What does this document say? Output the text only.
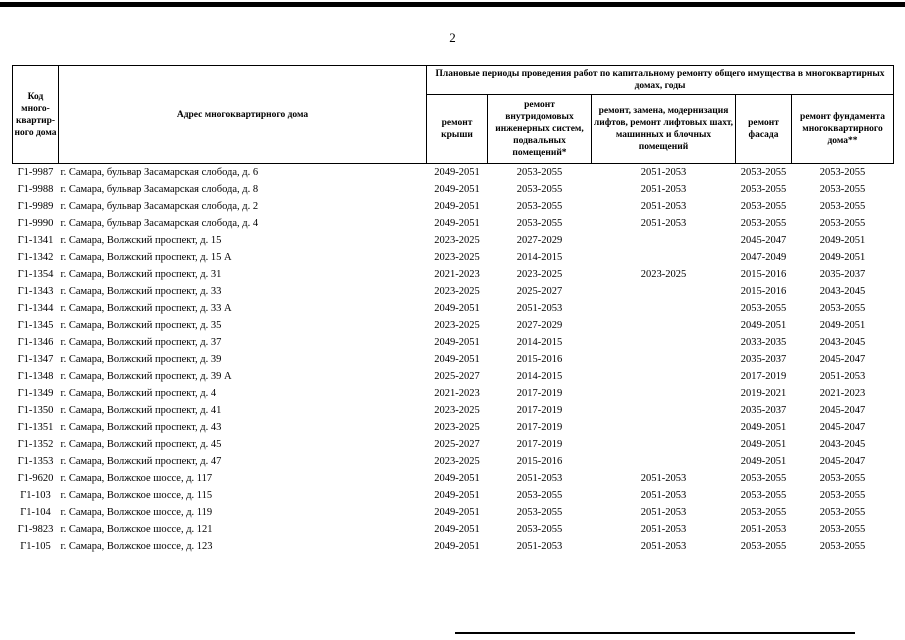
2
Код много-квартир-ного дома	Адрес многоквартирного дома	Плановые периоды проведения работ по капитальному ремонту общего имущества в многоквартирных домах, годы				
		ремонт крыши	ремонт внутридомовых инженерных систем, подвальных помещений*	ремонт, замена, модернизация лифтов, ремонт лифтовых шахт, машинных и блочных помещений	ремонт фасада	ремонт фундамента многоквартирного дома**
Г1-9987	г. Самара, бульвар Засамарская слобода, д. 6	2049-2051	2053-2055	2051-2053	2053-2055	2053-2055
Г1-9988	г. Самара, бульвар Засамарская слобода, д. 8	2049-2051	2053-2055	2051-2053	2053-2055	2053-2055
Г1-9989	г. Самара, бульвар Засамарская слобода, д. 2	2049-2051	2053-2055	2051-2053	2053-2055	2053-2055
Г1-9990	г. Самара, бульвар Засамарская слобода, д. 4	2049-2051	2053-2055	2051-2053	2053-2055	2053-2055
Г1-1341	г. Самара, Волжский проспект, д. 15	2023-2025	2027-2029		2045-2047	2049-2051
Г1-1342	г. Самара, Волжский проспект, д. 15 А	2023-2025	2014-2015		2047-2049	2049-2051
Г1-1354	г. Самара, Волжский проспект, д. 31	2021-2023	2023-2025	2023-2025	2015-2016	2035-2037
Г1-1343	г. Самара, Волжский проспект, д. 33	2023-2025	2025-2027		2015-2016	2043-2045
Г1-1344	г. Самара, Волжский проспект, д. 33 А	2049-2051	2051-2053		2053-2055	2053-2055
Г1-1345	г. Самара, Волжский проспект, д. 35	2023-2025	2027-2029		2049-2051	2049-2051
Г1-1346	г. Самара, Волжский проспект, д. 37	2049-2051	2014-2015		2033-2035	2043-2045
Г1-1347	г. Самара, Волжский проспект, д. 39	2049-2051	2015-2016		2035-2037	2045-2047
Г1-1348	г. Самара, Волжский проспект, д. 39 А	2025-2027	2014-2015		2017-2019	2051-2053
Г1-1349	г. Самара, Волжский проспект, д. 4	2021-2023	2017-2019		2019-2021	2021-2023
Г1-1350	г. Самара, Волжский проспект, д. 41	2023-2025	2017-2019		2035-2037	2045-2047
Г1-1351	г. Самара, Волжский проспект, д. 43	2023-2025	2017-2019		2049-2051	2045-2047
Г1-1352	г. Самара, Волжский проспект, д. 45	2025-2027	2017-2019		2049-2051	2043-2045
Г1-1353	г. Самара, Волжский проспект, д. 47	2023-2025	2015-2016		2049-2051	2045-2047
Г1-9620	г. Самара, Волжское шоссе, д. 117	2049-2051	2051-2053	2051-2053	2053-2055	2053-2055
Г1-103	г. Самара, Волжское шоссе, д. 115	2049-2051	2053-2055	2051-2053	2053-2055	2053-2055
Г1-104	г. Самара, Волжское шоссе, д. 119	2049-2051	2053-2055	2051-2053	2053-2055	2053-2055
Г1-9823	г. Самара, Волжское шоссе, д. 121	2049-2051	2053-2055	2051-2053	2051-2053	2053-2055
Г1-105	г. Самара, Волжское шоссе, д. 123	2049-2051	2051-2053	2051-2053	2053-2055	2053-2055
